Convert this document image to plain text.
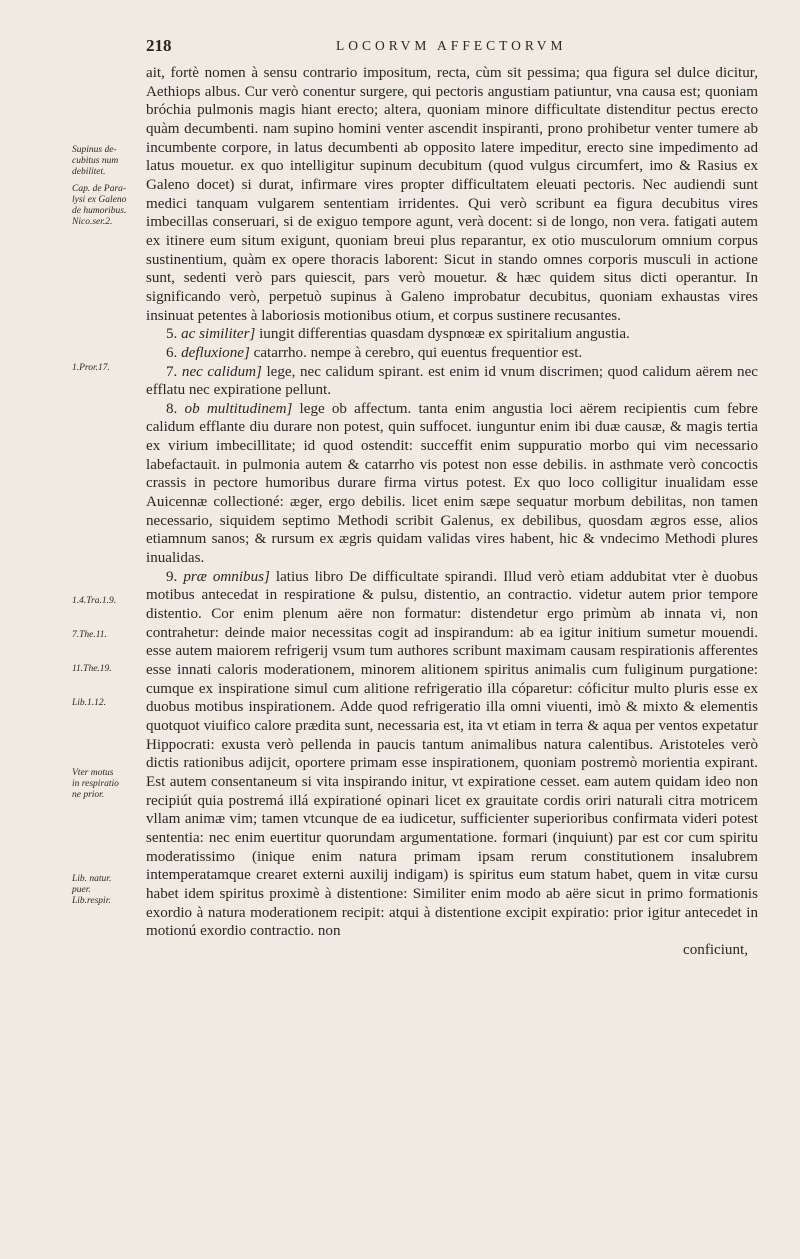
218	LOCORVM AFFECTORVM
Supinus de-
cubitus num
debilitet.
Cap. de Para-
lysi ex Galeno
de humoribus.
Nico.ser.2.
1.Pror.17.
1.4.Tra.1.9.
7.The.11.
11.The.19.
Lib.1.12.
Vter motus
in respiratio
ne prior.
Lib. natur.
puer.
Lib.respir.

ait, fortè nomen à sensu contrario impositum, recta, cùm sit pessima; qua figura sel dulce dicitur, Aethiops albus. Cur verò conentur surgere, qui pectoris angustiam patiuntur, vna causa est; quoniam bróchia pulmonis magis hiant erecto; altera, quoniam minore difficultate distenditur pectus erecto quàm decumbenti. nam supino homini venter ascendit inspiranti, prono prohibetur venter tumere ab incumbente corpore, in latus decumbenti ab opposito latere impeditur, erecto sine impedimento ad latus mouetur. ex quo intelligitur supinum decubitum (quod vulgus circumfert, imo & Rasius ex Galeno docet) si durat, infirmare vires propter difficultatem eleuati pectoris. Nec audiendi sunt medici tanquam vulgarem sententiam irridentes. Qui verò scribunt ea figura decubitus vires imbecillas conseruari, si de exiguo tempore agunt, verà docent: si de longo, non vera. fatigati autem ex itinere eum situm exigunt, quoniam breui plus reparantur, ex otio musculorum omnium corpus sustinentium, quàm ex opere thoracis laborent: Sicut in stando omnes corporis musculi in actione sunt, sedenti verò pars quiescit, pars verò mouetur. & hæc quidem situs dicti operantur. In significando verò, perpetuò supinus à Galeno improbatur decubitus, quoniam exhaustas vires insinuat petentes à laboriosis motionibus otium, et corpus sustinere recusantes.

5. ac similiter] iungit differentias quasdam dyspnœæ ex spiritalium angustia.

6. defluxione] catarrho. nempe à cerebro, qui euentus frequentior est.

7. nec calidum] lege, nec calidum spirant. est enim id vnum discrimen; quod calidum aërem nec efflatu nec expiratione pellunt.

8. ob multitudinem] lege ob affectum. tanta enim angustia loci aërem recipientis cum febre calidum efflante diu durare non potest, quin suffocet. iunguntur enim ibi duæ causæ, & magis tertia ex virium imbecillitate; id quod ostendit: succeffit enim suppuratio morbo qui vim necessario labefactauit. in pulmonia autem & catarrho vis potest non esse debilis. in asthmate verò concoctis crassis in pectore humoribus durare firma virtus potest. Ex quo loco colligitur inualidam esse Auicennæ collectioné: æger, ergo debilis. licet enim sæpe sequatur morbum debilitas, non tamen necessario, siquidem septimo Methodi scribit Galenus, ex debilibus, quosdam ægros esse, alios etiamnum sanos; & rursum ex ægris quidam validas vires habent, hic & vndecimo Methodi plures inualidas.

9. præ omnibus] latius libro De difficultate spirandi. Illud verò etiam addubitat vter è duobus motibus antecedat in respiratione & pulsu, distentio, an contractio. videtur autem prior tempore distentio. Cor enim plenum aëre non formatur: distendetur ergo primùm ab innata vi, non contrahetur: deinde maior necessitas cogit ad inspirandum: ab ea igitur initium sumetur mouendi. esse autem maiorem refrigerij vsum tum authores scribunt maximam causam respirationis afferentes esse innati caloris moderationem, minorem alitionem spiritus animalis cum fuliginum purgatione: cumque ex inspiratione simul cum alitione refrigeratio illa cóparetur: cóficitur multo pluris esse ex duobus motibus inspirationem. Adde quod refrigeratio illa omni viuenti, imò & mixto & elementis quotquot viuifico calore prædita sunt, necessaria est, ita vt etiam in terra & aqua per ventos expetatur Hippocrati: exusta verò pellenda in paucis tantum animalibus natura calentibus. Aristoteles verò dictis rationibus adijcit, oportere primam esse inspirationem, quoniam postremò morientia expirant. Est autem consentaneum si vita inspirando initur, vt expiratione cesset. eam autem quidam ideo non recipiút quia postremá illá expirationé opinari licet ex grauitate cordis oriri naturali citra motricem vllam animæ vim; tamen vtcunque de ea iudicetur, sufficienter superioribus confirmata videri potest sententia: nec enim euertitur quorundam argumentatione. formari (inquiunt) par est cor cum spiritu moderatissimo (inique enim natura primam ipsam rerum constitutionem insalubrem intemperatamque crearet externi auxilij indigam) is spiritus eum statum habet, quem in vitæ cursu habet idem spiritus proximè à distentione: Similiter enim modo ab aëre sicut in primo formationis exordio à natura moderationem recipit: atqui à distentione excipit expiratio: prior igitur antecedet in motionú exordio contractio. non

conficiunt,
